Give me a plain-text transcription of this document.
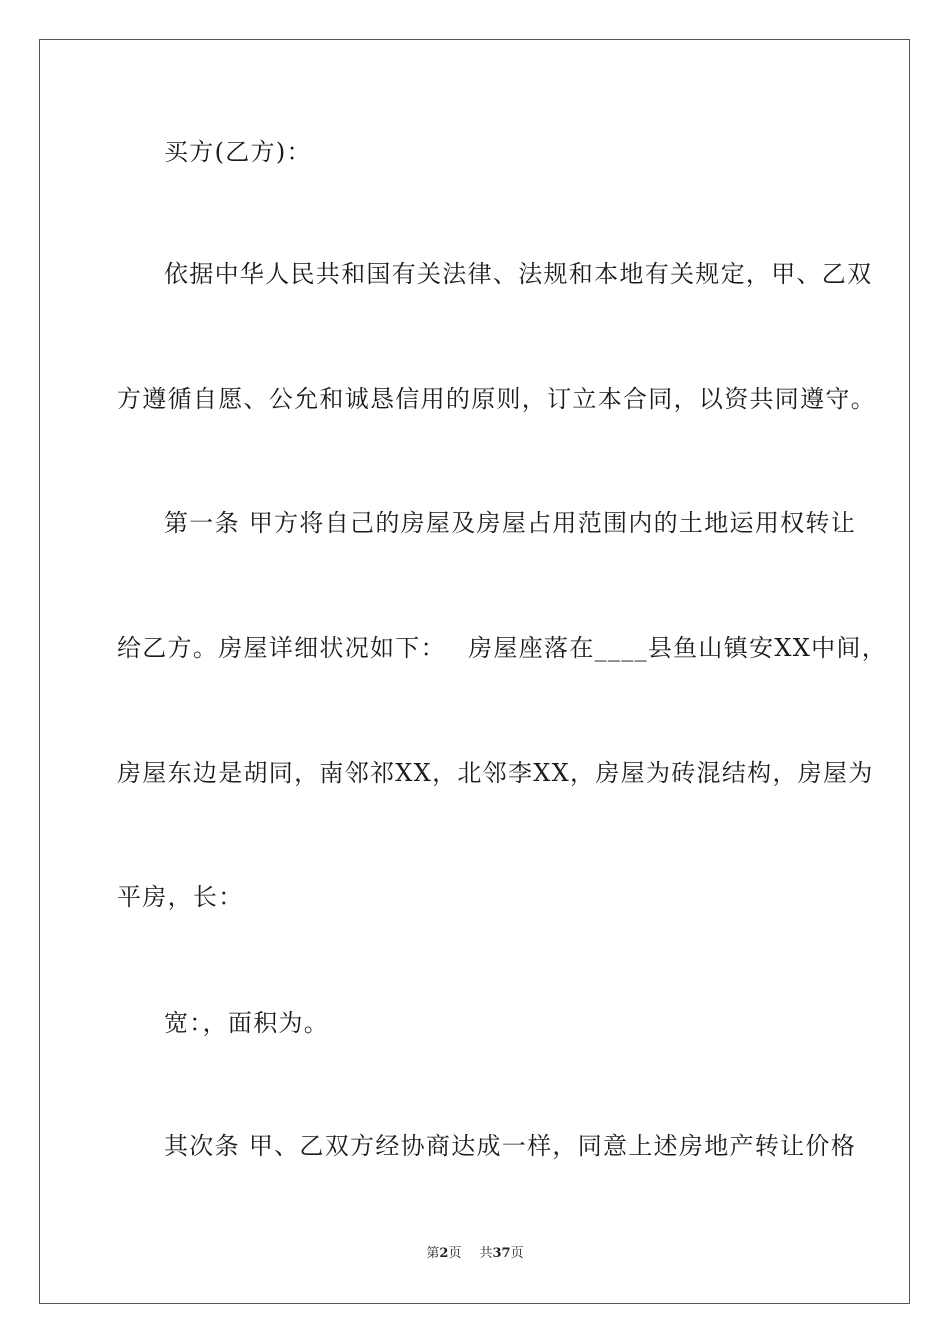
买方(乙方)：
依据中华人民共和国有关法律、法规和本地有关规定，甲、乙双
方遵循自愿、公允和诚恳信用的原则，订立本合同，以资共同遵守。
第一条 甲方将自己的房屋及房屋占用范围内的土地运用权转让
给乙方。房屋详细状况如下：　 房屋座落在____县鱼山镇安XX中间，
房屋东边是胡同，南邻祁XX，北邻李XX，房屋为砖混结构，房屋为
平房，长：
宽：，面积为。
其次条 甲、乙双方经协商达成一样，同意上述房地产转让价格
第2页 共37页
